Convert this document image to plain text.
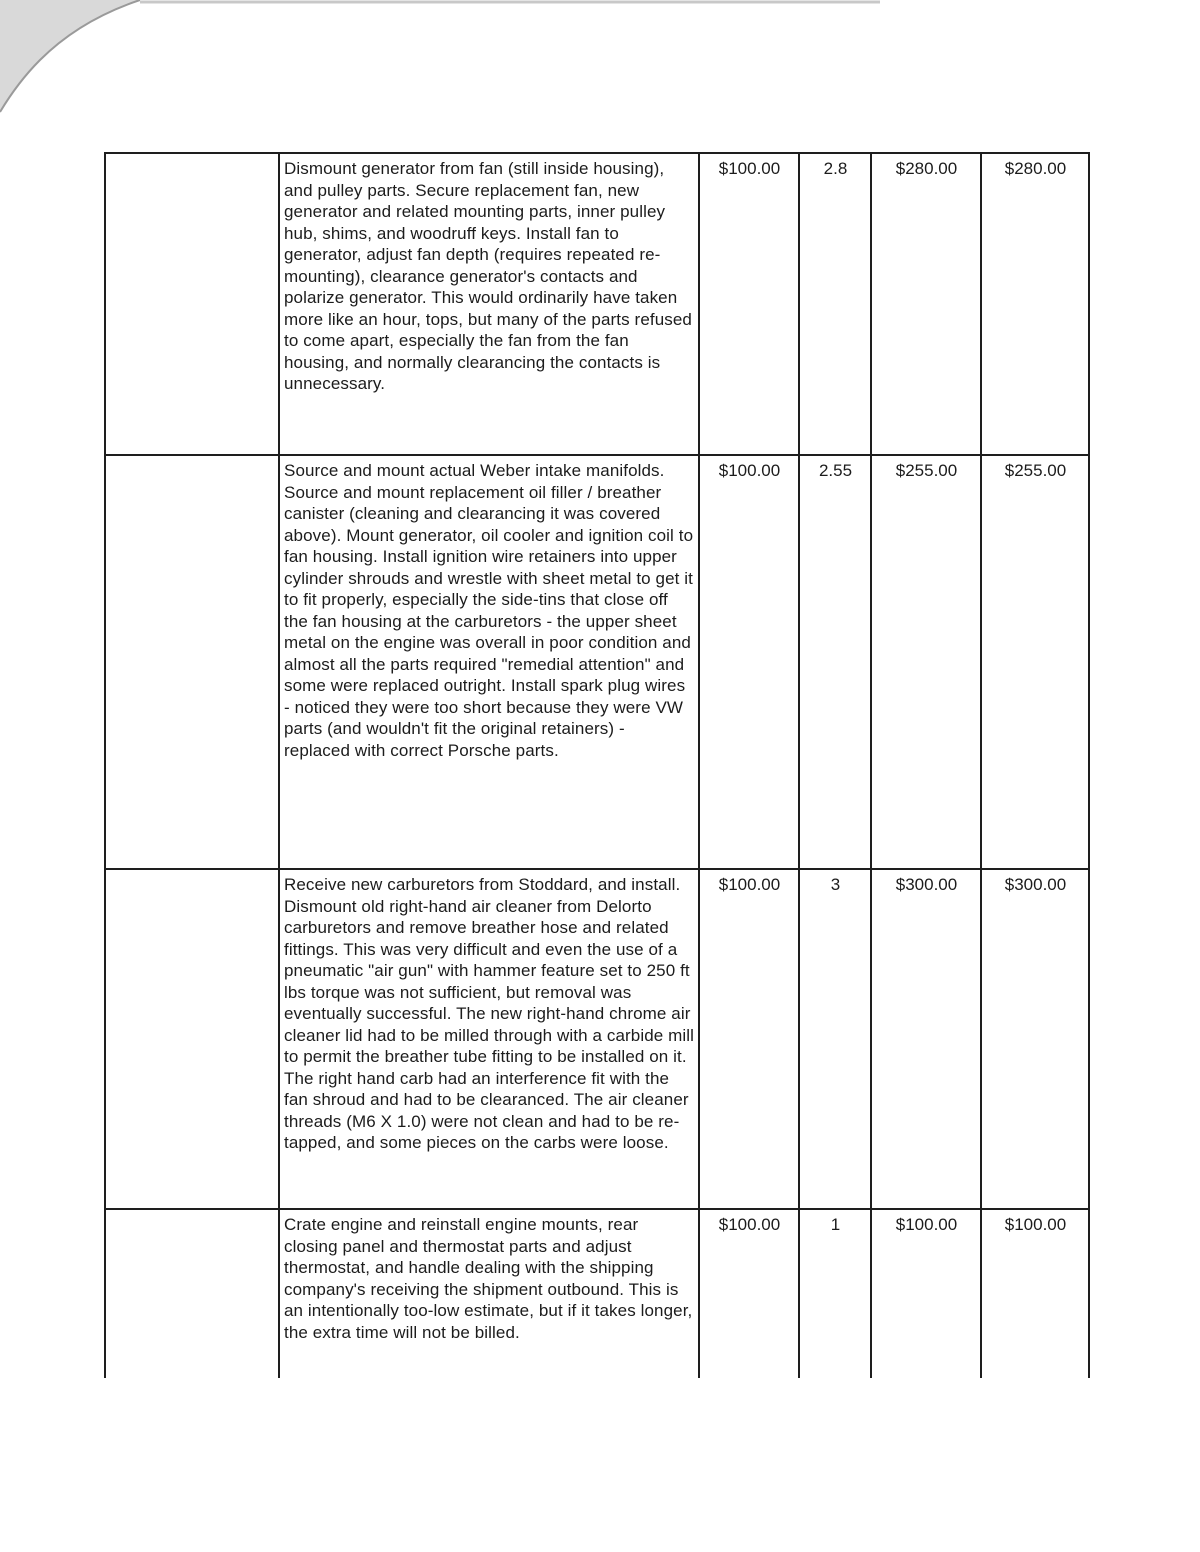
	Dismount generator from fan (still inside housing), and pulley parts. Secure replacement fan, new generator and related mounting parts, inner pulley hub, shims, and woodruff keys. Install fan to generator, adjust fan depth (requires repeated re-mounting), clearance generator's contacts and polarize generator. This would ordinarily have taken more like an hour, tops, but many of the parts refused to come apart, especially the fan from the fan housing, and normally clearancing the contacts is unnecessary.	$100.00	2.8	$280.00	$280.00
	Source and mount actual Weber intake manifolds. Source and mount replacement oil filler / breather canister (cleaning and clearancing it was covered above). Mount generator, oil cooler and ignition coil to fan housing. Install ignition wire retainers into upper cylinder shrouds and wrestle with sheet metal to get it to fit properly, especially the side-tins that close off the fan housing at the carburetors - the upper sheet metal on the engine was overall in poor condition and almost all the parts required "remedial attention" and some were replaced outright. Install spark plug wires - noticed they were too short because they were VW parts (and wouldn't fit the original retainers) - replaced with correct Porsche parts.	$100.00	2.55	$255.00	$255.00
	Receive new carburetors from Stoddard, and install. Dismount old right-hand air cleaner from Delorto carburetors and remove breather hose and related fittings. This was very difficult and even the use of a pneumatic "air gun" with hammer feature set to 250 ft lbs torque was not sufficient, but removal was eventually successful. The new right-hand chrome air cleaner lid had to be milled through with a carbide mill to permit the breather tube fitting to be installed on it. The right hand carb had an interference fit with the fan shroud and had to be clearanced. The air cleaner threads (M6 X 1.0) were not clean and had to be re-tapped, and some pieces on the carbs were loose.	$100.00	3	$300.00	$300.00
	Crate engine and reinstall engine mounts, rear closing panel and thermostat parts and adjust thermostat, and handle dealing with the shipping company's receiving the shipment outbound. This is an intentionally too-low estimate, but if it takes longer, the extra time will not be billed.	$100.00	1	$100.00	$100.00
